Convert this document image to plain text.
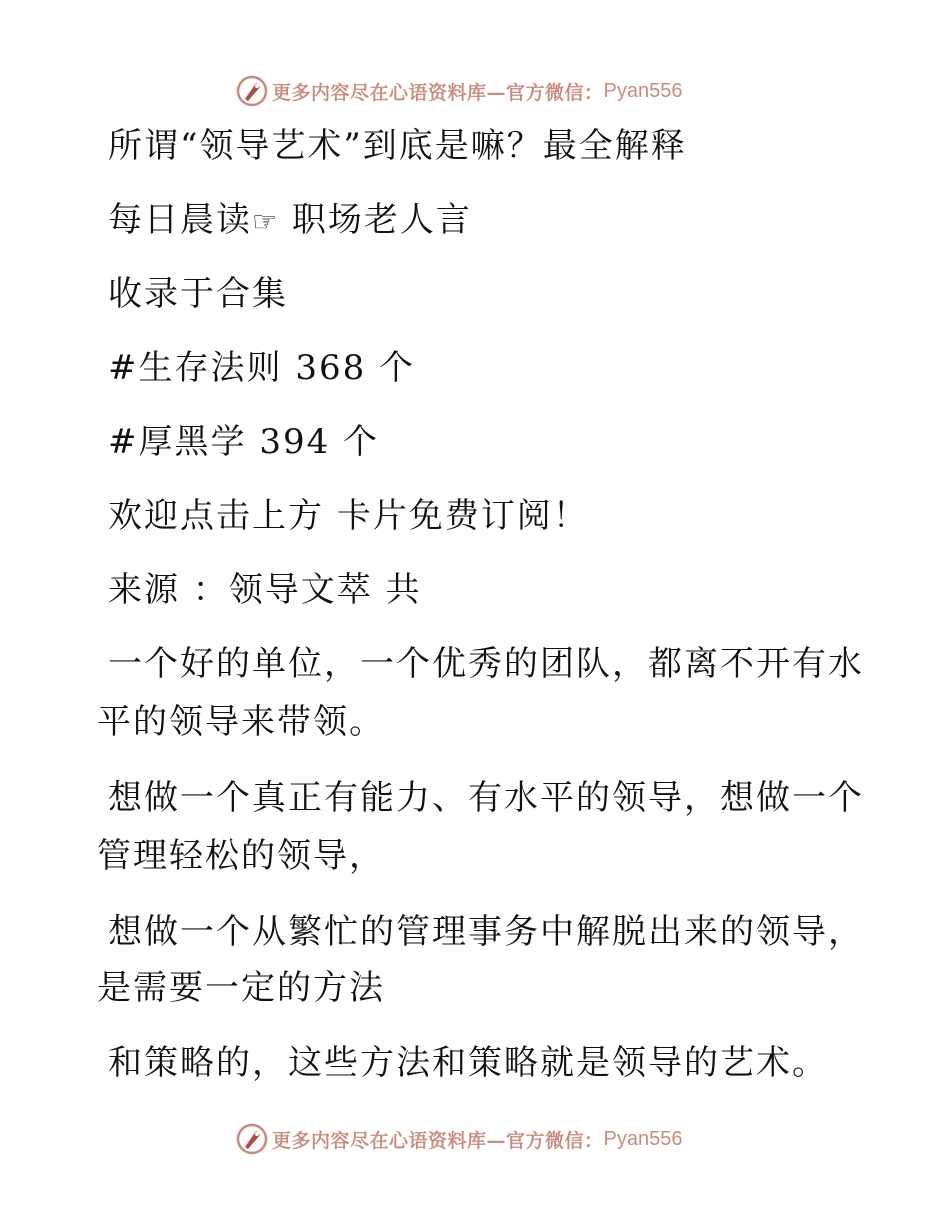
更多内容尽在心语资料库—官方微信： Pyan556
所谓“领导艺术”到底是嘛？最全解释
每日晨读☞ 职场老人言
收录于合集
#生存法则 368 个
#厚黑学 394 个
欢迎点击上方 卡片免费订阅！
来源 ：领导文萃 共
一个好的单位，一个优秀的团队，都离不开有水
平的领导来带领。
想做一个真正有能力、有水平的领导，想做一个
管理轻松的领导，
想做一个从繁忙的管理事务中解脱出来的领导，
是需要一定的方法
和策略的，这些方法和策略就是领导的艺术。
更多内容尽在心语资料库—官方微信： Pyan556
